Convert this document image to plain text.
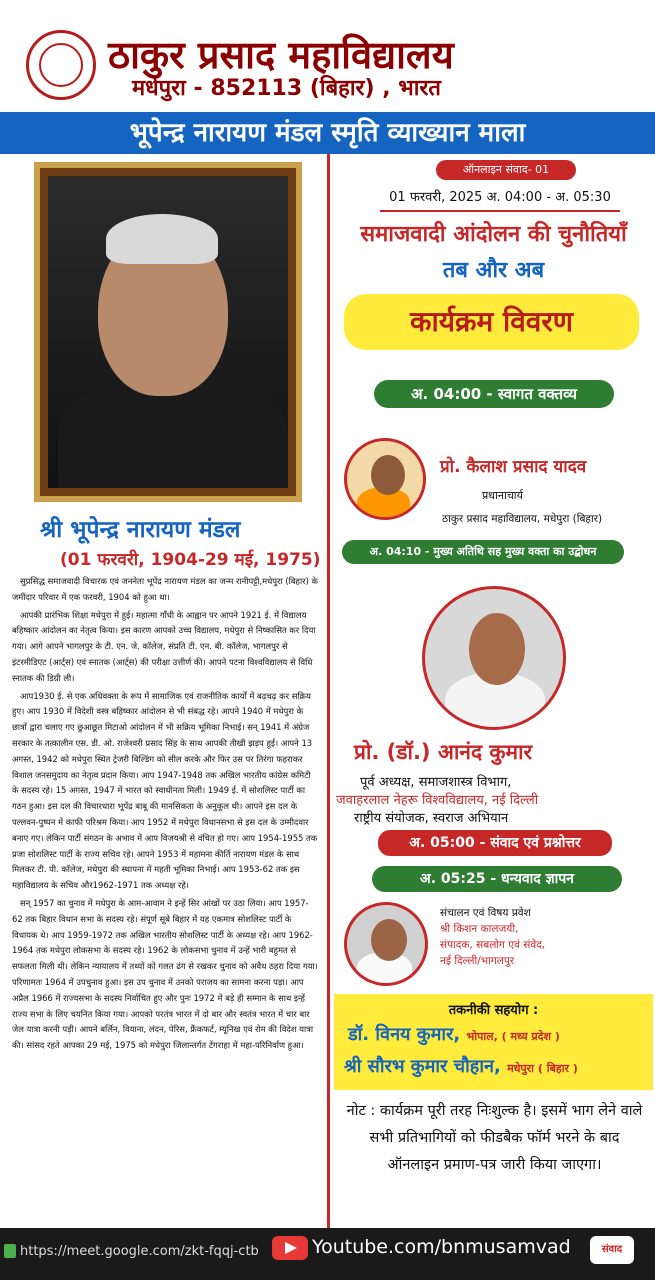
ठाकुर प्रसाद महाविद्यालय
मधेपुरा - 852113 (बिहार) , भारत
भूपेन्द्र नारायण मंडल स्मृति व्याख्यान माला
श्री भूपेन्द्र नारायण मंडल
(01 फरवरी, 1904-29 मई, 1975)

सुप्रसिद्ध समाजवादी विचारक एवं जननेता भूपेंद्र नारायण मंडल का जन्म रानीपट्टी,मधेपुरा (बिहार) के जमींदार परिवार में एक फरवरी, 1904 को हुआ था।

आपकी प्रारंभिक शिक्षा मधेपुरा में हुई। महात्मा गाँधी के आह्वान पर आपने 1921 ई. में विद्यालय बहिष्कार आंदोलन का नेतृत्व किया। इस कारण आपको उच्च विद्यालय, मधेपुरा से निष्कासित कर दिया गया। आगे आपने भागलपुर के टी. एन. जे. कॉलेज, संप्रति टी. एन. बी. कॉलेज, भागलपुर से इंटरमीडिएट (आर्ट्स) एवं स्नातक (आर्ट्स) की परीक्षा उत्तीर्ण की। आपने पटना विश्वविद्यालय से विधि स्नातक की डिग्री ली।

आप1930 ई. से एक अधिवक्ता के रूप में सामाजिक एवं राजनीतिक कार्यों में बढ़चढ़ कर सक्रिय हुए। आप 1930 में विदेशी वस्त्र बहिष्कार आंदोलन से भी संबद्ध रहे। आपने 1940 में मधेपुरा के छात्रों द्वारा चलाए गए छुआछूत मिटाओ आंदोलन में भी सक्रिय भूमिका निभाई। सन् 1941 में अंग्रेज सरकार के तत्कालीन एस. डी. ओ. राजेश्वरी प्रसाद सिंह के साथ आपकी तीखी झड़प हुई। आपने 13 अगस्त, 1942 को मधेपुरा स्थित ट्रेजरी बिल्डिंग को सील करके और फिर उस पर तिरंगा फहराकर विशाल जनसमुदाय का नेतृत्व प्रदान किया। आप 1947-1948 तक अखिल भारतीय कांग्रेस कमिटी के सदस्य रहे। 15 अगस्त, 1947 में भारत को स्वाधीनता मिली। 1949 ई. में सोशलिस्ट पार्टी का गठन हुआ। इस दल की विचारधारा भूपेंद्र बाबू की मानसिकता के अनुकूल थी। आपने इस दल के पल्लवन-पुष्पन में काफी परिश्रम किया। आप 1952 में मधेपुरा विधानसभा से इस दल के उम्मीदवार बनाए गए। लेकिन पार्टी संगठन के अभाव में आप विजयश्री से वंचित हो गए। आप 1954-1955 तक प्रजा सोशलिस्ट पार्टी के राज्य सचिव रहे। आपने 1953 में महामना कीर्ति नारायण मंडल के साथ मिलकर टी. पी. कॉलेज, मधेपुरा की स्थापना में महती भूमिका निभाई। आप 1953-62 तक इस महाविद्यालय के सचिव और1962-1971 तक अध्यक्ष रहे।

सन् 1957 का चुनाव में मधेपुरा के आम-आवाम ने इन्हें सिर आंखों पर उठा लिया। आप 1957-62 तक बिहार विधान सभा के सदस्य रहे। संपूर्ण सूबे बिहार में यह एकमात्र सोशलिस्ट पार्टी के विधायक थे। आप 1959-1972 तक अखिल भारतीय सोशलिस्ट पार्टी के अध्यक्ष रहे। आप 1962-1964 तक मधेपुरा लोकसभा के सदस्य रहे। 1962 के लोकसभा चुनाव में उन्हें भारी बहुमत से सफलता मिली थी। लेकिन न्यायालय में तथ्यों को गलत ढंग से रखकर चुनाव को अवैध ठहरा दिया गया। परिणामतः 1964 में उपचुनाव हुआ। इस उप चुनाव में उनको पराजय का सामना करना पड़ा। आप अप्रैल 1966 में राज्यसभा के सदस्य निर्वाचित हुए और पुनः 1972 में बड़े ही सम्मान के साथ इन्हें राज्य सभा के लिए चयनित किया गया। आपको परतंत्र भारत में दो बार और स्वतंत्र भारत में चार बार जेल यात्रा करनी पड़ी। आपने बर्लिन, वियाना, लंदन, पेरिस, फ्रैंकफर्ट, म्यूनिख एवं रोम की विदेश यात्रा की। सांसद रहते आपका 29 मई, 1975 को मधेपुरा जिलान्तर्गत टेंगराहा में महा-परिनिर्वाण हुआ।

ऑनलाइन संवाद- 01
01 फरवरी, 2025 अ. 04:00 - अ. 05:30
समाजवादी आंदोलन की चुनौतियाँ
तब और अब
कार्यक्रम विवरण
अ. 04:00 - स्वागत वक्तव्य
प्रो. कैलाश प्रसाद यादव
प्रधानाचार्य
ठाकुर प्रसाद महाविद्यालय, मधेपुरा (बिहार)
अ. 04:10 - मुख्य अतिथि सह मुख्य वक्ता का उद्बोधन
प्रो. (डॉ.) आनंद कुमार
पूर्व अध्यक्ष, समाजशास्त्र विभाग,
जवाहरलाल नेहरू विश्वविद्यालय, नई दिल्ली
राष्ट्रीय संयोजक, स्वराज अभियान
अ. 05:00 - संवाद एवं प्रश्नोत्तर
अ. 05:25 - धन्यवाद ज्ञापन
संचालन एवं विषय प्रवेश
श्री किशन कालजयी,
संपादक, सबलोग एवं संवेद,
नई दिल्ली/भागलपुर
तकनीकी सहयोग :
डॉ. विनय कुमार, भोपाल, ( मध्य प्रदेश )
श्री सौरभ कुमार चौहान, मधेपुरा ( बिहार )
नोट : कार्यक्रम पूरी तरह निःशुल्क है। इसमें भाग लेने वाले सभी प्रतिभागियों को फीडबैक फॉर्म भरने के बाद ऑनलाइन प्रमाण-पत्र जारी किया जाएगा।
https://meet.google.com/zkt-fqqj-ctb	Youtube.com/bnmusamvad	संवाद
